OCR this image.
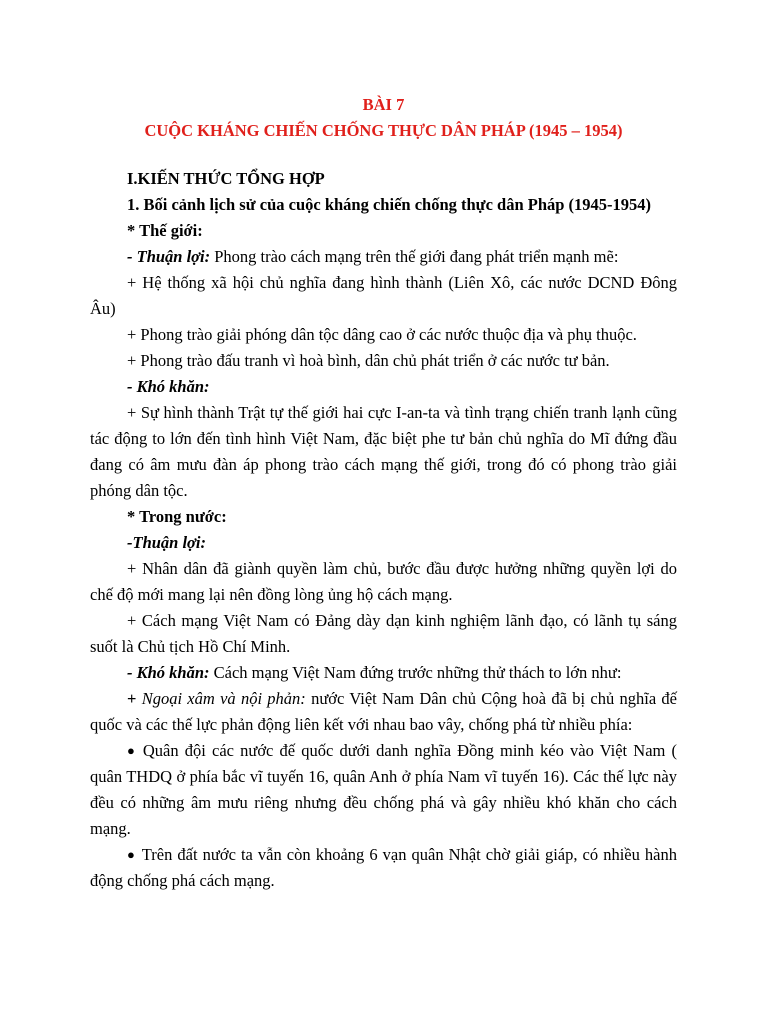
BÀI 7
CUỘC KHÁNG CHIẾN CHỐNG THỰC DÂN PHÁP (1945 – 1954)

I.KIẾN THỨC TỔNG HỢP

1. Bối cảnh lịch sử của cuộc kháng chiến chống thực dân Pháp (1945-1954)

* Thế giới:

- Thuận lợi: Phong trào cách mạng trên thế giới đang phát triển mạnh mẽ:

+ Hệ thống xã hội chủ nghĩa đang hình thành (Liên Xô, các nước DCND Đông Âu)

+ Phong trào giải phóng dân tộc dâng cao ở các nước thuộc địa và phụ thuộc.

+ Phong trào đấu tranh vì hoà bình, dân chủ phát triển ở các nước tư bản.

- Khó khăn:

+ Sự hình thành Trật tự thế giới hai cực I-an-ta và tình trạng chiến tranh lạnh cũng tác động to lớn đến tình hình Việt Nam, đặc biệt phe tư bản chủ nghĩa do Mĩ đứng đầu đang có âm mưu đàn áp phong trào cách mạng thế giới, trong đó có phong trào giải phóng dân tộc.

* Trong nước:

-Thuận lợi:

+ Nhân dân đã giành quyền làm chủ, bước đầu được hưởng những quyền lợi do chế độ mới mang lại nên đồng lòng ủng hộ cách mạng.

+ Cách mạng Việt Nam có Đảng dày dạn kinh nghiệm lãnh đạo, có lãnh tụ sáng suốt là Chủ tịch Hồ Chí Minh.

- Khó khăn: Cách mạng Việt Nam đứng trước những thử thách to lớn như:

+ Ngoại xâm và nội phản: nước Việt Nam Dân chủ Cộng hoà đã bị chủ nghĩa đế quốc và các thế lực phản động liên kết với nhau bao vây, chống phá từ nhiều phía:

● Quân đội các nước đế quốc dưới danh nghĩa Đồng minh kéo vào Việt Nam ( quân THDQ ở phía bắc vĩ tuyến 16, quân Anh ở phía Nam vĩ tuyến 16). Các thế lực này đều có những âm mưu riêng nhưng đều chống phá và gây nhiều khó khăn cho cách mạng.

● Trên đất nước ta vẫn còn khoảng 6 vạn quân Nhật chờ giải giáp, có nhiều hành động chống phá cách mạng.
